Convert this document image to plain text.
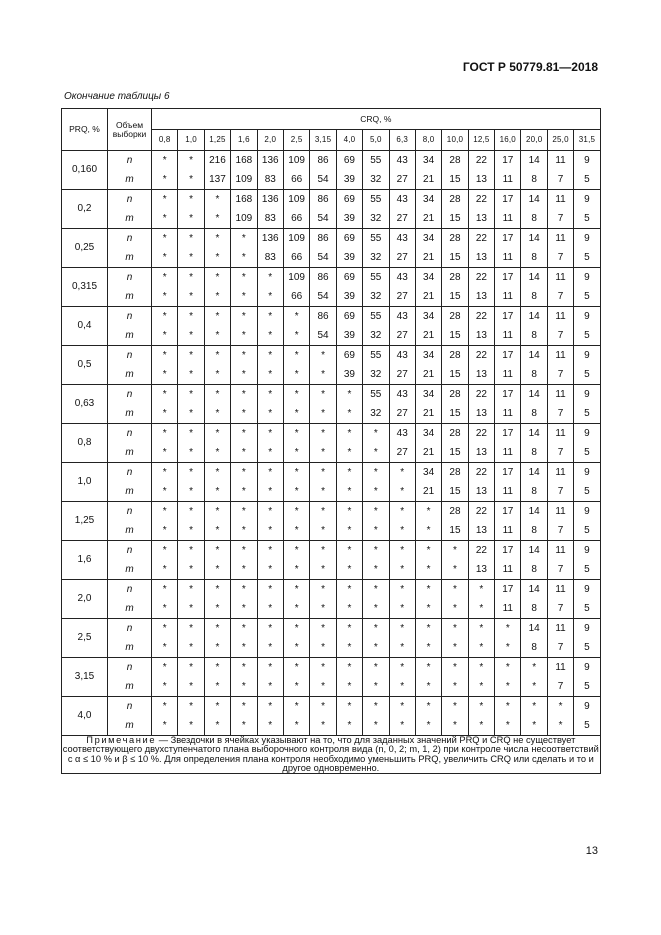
ГОСТ Р 50779.81—2018
Окончание таблицы 6
PRQ, %	Объем выборки	CRQ, %																
		0,8	1,0	1,25	1,6	2,0	2,5	3,15	4,0	5,0	6,3	8,0	10,0	12,5	16,0	20,0	25,0	31,5
0,160	n	*	*	216	168	136	109	86	69	55	43	34	28	22	17	14	11	9
	m	*	*	137	109	83	66	54	39	32	27	21	15	13	11	8	7	5
0,2	n	*	*	*	168	136	109	86	69	55	43	34	28	22	17	14	11	9
	m	*	*	*	109	83	66	54	39	32	27	21	15	13	11	8	7	5
0,25	n	*	*	*	*	136	109	86	69	55	43	34	28	22	17	14	11	9
	m	*	*	*	*	83	66	54	39	32	27	21	15	13	11	8	7	5
0,315	n	*	*	*	*	*	109	86	69	55	43	34	28	22	17	14	11	9
	m	*	*	*	*	*	66	54	39	32	27	21	15	13	11	8	7	5
0,4	n	*	*	*	*	*	*	86	69	55	43	34	28	22	17	14	11	9
	m	*	*	*	*	*	*	54	39	32	27	21	15	13	11	8	7	5
0,5	n	*	*	*	*	*	*	*	69	55	43	34	28	22	17	14	11	9
	m	*	*	*	*	*	*	*	39	32	27	21	15	13	11	8	7	5
0,63	n	*	*	*	*	*	*	*	*	55	43	34	28	22	17	14	11	9
	m	*	*	*	*	*	*	*	*	32	27	21	15	13	11	8	7	5
0,8	n	*	*	*	*	*	*	*	*	*	43	34	28	22	17	14	11	9
	m	*	*	*	*	*	*	*	*	*	27	21	15	13	11	8	7	5
1,0	n	*	*	*	*	*	*	*	*	*	*	34	28	22	17	14	11	9
	m	*	*	*	*	*	*	*	*	*	*	21	15	13	11	8	7	5
1,25	n	*	*	*	*	*	*	*	*	*	*	*	28	22	17	14	11	9
	m	*	*	*	*	*	*	*	*	*	*	*	15	13	11	8	7	5
1,6	n	*	*	*	*	*	*	*	*	*	*	*	*	22	17	14	11	9
	m	*	*	*	*	*	*	*	*	*	*	*	*	13	11	8	7	5
2,0	n	*	*	*	*	*	*	*	*	*	*	*	*	*	17	14	11	9
	m	*	*	*	*	*	*	*	*	*	*	*	*	*	11	8	7	5
2,5	n	*	*	*	*	*	*	*	*	*	*	*	*	*	*	14	11	9
	m	*	*	*	*	*	*	*	*	*	*	*	*	*	*	8	7	5
3,15	n	*	*	*	*	*	*	*	*	*	*	*	*	*	*	*	11	9
	m	*	*	*	*	*	*	*	*	*	*	*	*	*	*	*	7	5
4,0	n	*	*	*	*	*	*	*	*	*	*	*	*	*	*	*	*	9
	m	*	*	*	*	*	*	*	*	*	*	*	*	*	*	*	*	5
Примечание — Звездочки в ячейках указывают на то, что для заданных значений PRQ и CRQ не существует соответствующего двухступенчатого плана выборочного контроля вида (n, 0, 2; m, 1, 2) при контроле числа несоответствий с α ≤ 10 % и β ≤ 10 %. Для определения плана контроля необходимо уменьшить PRQ, увеличить CRQ или сделать и то и другое одновременно.																		
13
